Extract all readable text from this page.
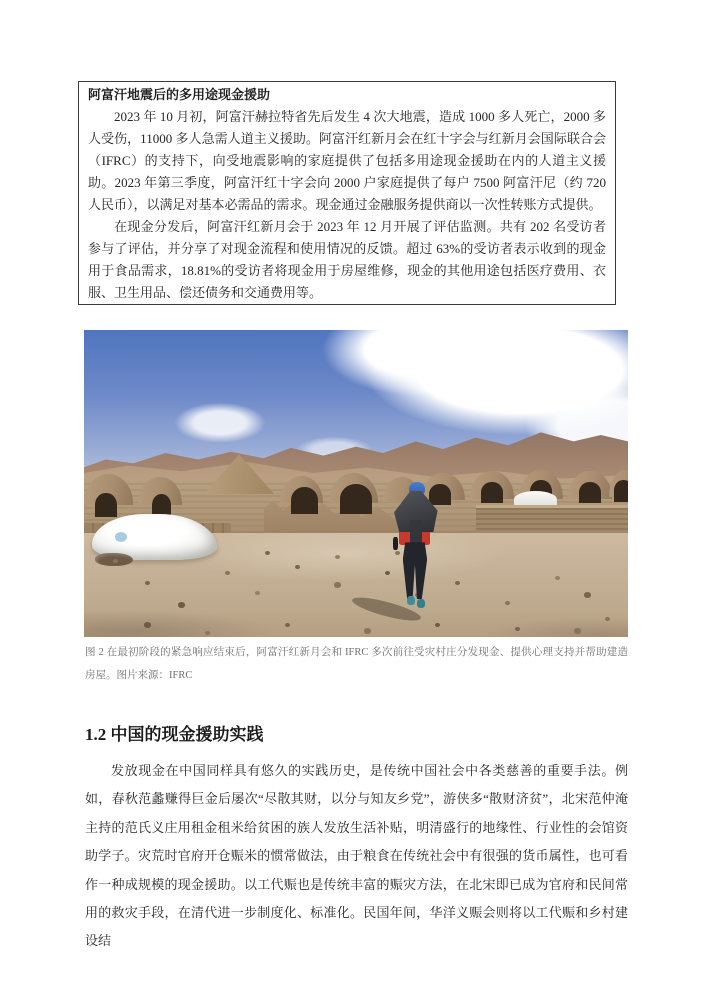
阿富汗地震后的多用途现金援助

2023 年 10 月初，阿富汗赫拉特省先后发生 4 次大地震，造成 1000 多人死亡，2000 多人受伤，11000 多人急需人道主义援助。阿富汗红新月会在红十字会与红新月会国际联合会（IFRC）的支持下，向受地震影响的家庭提供了包括多用途现金援助在内的人道主义援助。2023 年第三季度，阿富汗红十字会向 2000 户家庭提供了每户 7500 阿富汗尼（约 720 人民币），以满足对基本必需品的需求。现金通过金融服务提供商以一次性转账方式提供。

在现金分发后，阿富汗红新月会于 2023 年 12 月开展了评估监测。共有 202 名受访者参与了评估，并分享了对现金流程和使用情况的反馈。超过 63%的受访者表示收到的现金用于食品需求，18.81%的受访者将现金用于房屋维修，现金的其他用途包括医疗费用、衣服、卫生用品、偿还债务和交通费用等。

图 2 在最初阶段的紧急响应结束后，阿富汗红新月会和 IFRC 多次前往受灾村庄分发现金、提供心理支持并帮助建造房屋。图片来源：IFRC
1.2 中国的现金援助实践
发放现金在中国同样具有悠久的实践历史，是传统中国社会中各类慈善的重要手法。例如，春秋范蠡赚得巨金后屡次“尽散其财，以分与知友乡党”，游侠多“散财济贫”，北宋范仲淹主持的范氏义庄用租金租米给贫困的族人发放生活补贴，明清盛行的地缘性、行业性的会馆资助学子。灾荒时官府开仓赈米的惯常做法，由于粮食在传统社会中有很强的货币属性，也可看作一种成规模的现金援助。以工代赈也是传统丰富的赈灾方法，在北宋即已成为官府和民间常用的救灾手段，在清代进一步制度化、标准化。民国年间，华洋义赈会则将以工代赈和乡村建设结
